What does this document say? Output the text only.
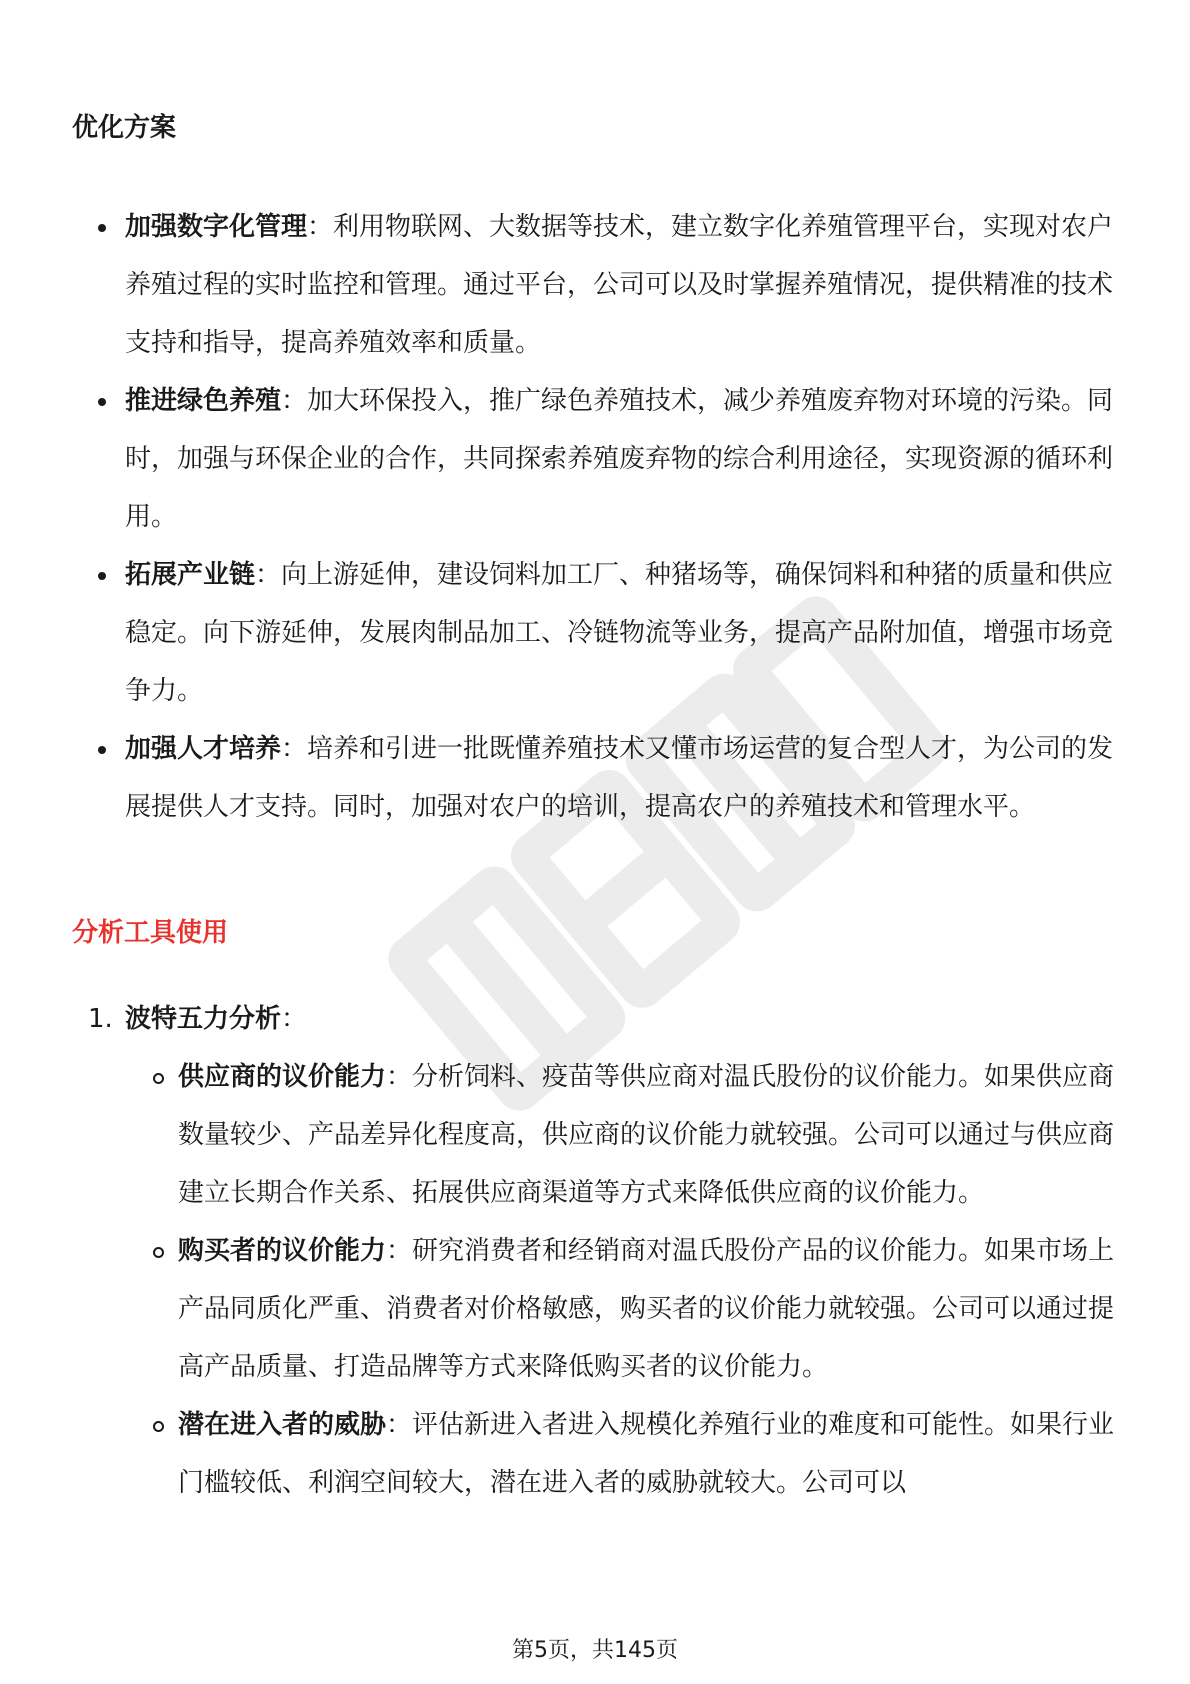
优化方案
加强数字化管理：利用物联网、大数据等技术，建立数字化养殖管理平台，实现对农户养殖过程的实时监控和管理。通过平台，公司可以及时掌握养殖情况，提供精准的技术支持和指导，提高养殖效率和质量。
推进绿色养殖：加大环保投入，推广绿色养殖技术，减少养殖废弃物对环境的污染。同时，加强与环保企业的合作，共同探索养殖废弃物的综合利用途径，实现资源的循环利用。
拓展产业链：向上游延伸，建设饲料加工厂、种猪场等，确保饲料和种猪的质量和供应稳定。向下游延伸，发展肉制品加工、冷链物流等业务，提高产品附加值，增强市场竞争力。
加强人才培养：培养和引进一批既懂养殖技术又懂市场运营的复合型人才，为公司的发展提供人才支持。同时，加强对农户的培训，提高农户的养殖技术和管理水平。
分析工具使用
1. 波特五力分析：
供应商的议价能力：分析饲料、疫苗等供应商对温氏股份的议价能力。如果供应商数量较少、产品差异化程度高，供应商的议价能力就较强。公司可以通过与供应商建立长期合作关系、拓展供应商渠道等方式来降低供应商的议价能力。
购买者的议价能力：研究消费者和经销商对温氏股份产品的议价能力。如果市场上产品同质化严重、消费者对价格敏感，购买者的议价能力就较强。公司可以通过提高产品质量、打造品牌等方式来降低购买者的议价能力。
潜在进入者的威胁：评估新进入者进入规模化养殖行业的难度和可能性。如果行业门槛较低、利润空间较大，潜在进入者的威胁就较大。公司可以
第5页，共145页
